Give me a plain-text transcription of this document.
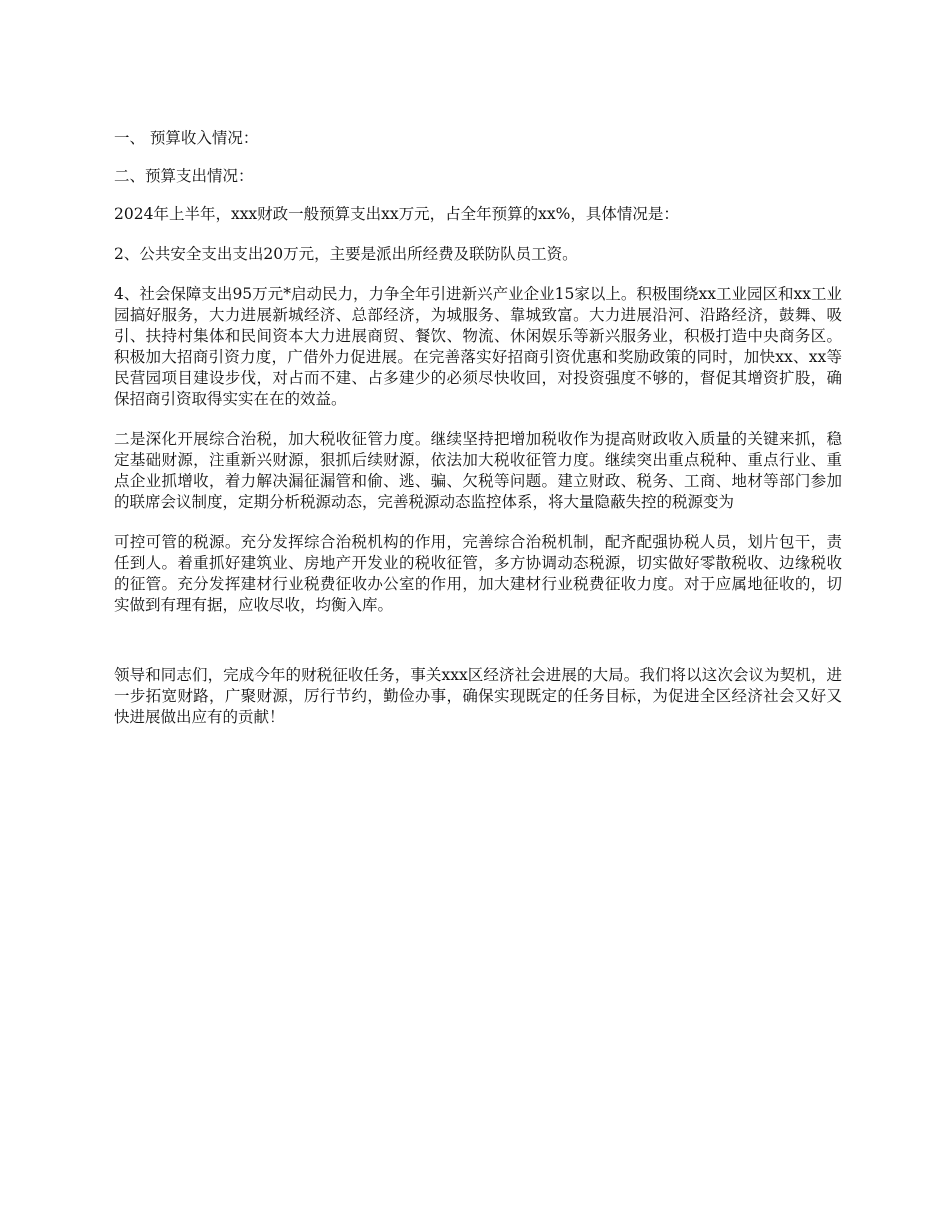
一、 预算收入情况：

二、预算支出情况：

2024年上半年，xxx财政一般预算支出xx万元，占全年预算的xx%，具体情况是：

2、公共安全支出支出20万元，主要是派出所经费及联防队员工资。

4、社会保障支出95万元*启动民力，力争全年引进新兴产业企业15家以上。积极围绕xx工业园区和xx工业园搞好服务，大力进展新城经济、总部经济，为城服务、靠城致富。大力进展沿河、沿路经济，鼓舞、吸引、扶持村集体和民间资本大力进展商贸、餐饮、物流、休闲娱乐等新兴服务业，积极打造中央商务区。积极加大招商引资力度，广借外力促进展。在完善落实好招商引资优惠和奖励政策的同时，加快xx、xx等民营园项目建设步伐，对占而不建、占多建少的必须尽快收回，对投资强度不够的，督促其增资扩股，确保招商引资取得实实在在的效益。

二是深化开展综合治税，加大税收征管力度。继续坚持把增加税收作为提高财政收入质量的关键来抓，稳定基础财源，注重新兴财源，狠抓后续财源，依法加大税收征管力度。继续突出重点税种、重点行业、重点企业抓增收，着力解决漏征漏管和偷、逃、骗、欠税等问题。建立财政、税务、工商、地材等部门参加的联席会议制度，定期分析税源动态，完善税源动态监控体系，将大量隐蔽失控的税源变为

可控可管的税源。充分发挥综合治税机构的作用，完善综合治税机制，配齐配强协税人员，划片包干，责任到人。着重抓好建筑业、房地产开发业的税收征管，多方协调动态税源，切实做好零散税收、边缘税收的征管。充分发挥建材行业税费征收办公室的作用，加大建材行业税费征收力度。对于应属地征收的，切实做到有理有据，应收尽收，均衡入库。

领导和同志们，完成今年的财税征收任务，事关xxx区经济社会进展的大局。我们将以这次会议为契机，进一步拓宽财路，广聚财源，厉行节约，勤俭办事，确保实现既定的任务目标，为促进全区经济社会又好又快进展做出应有的贡献！
